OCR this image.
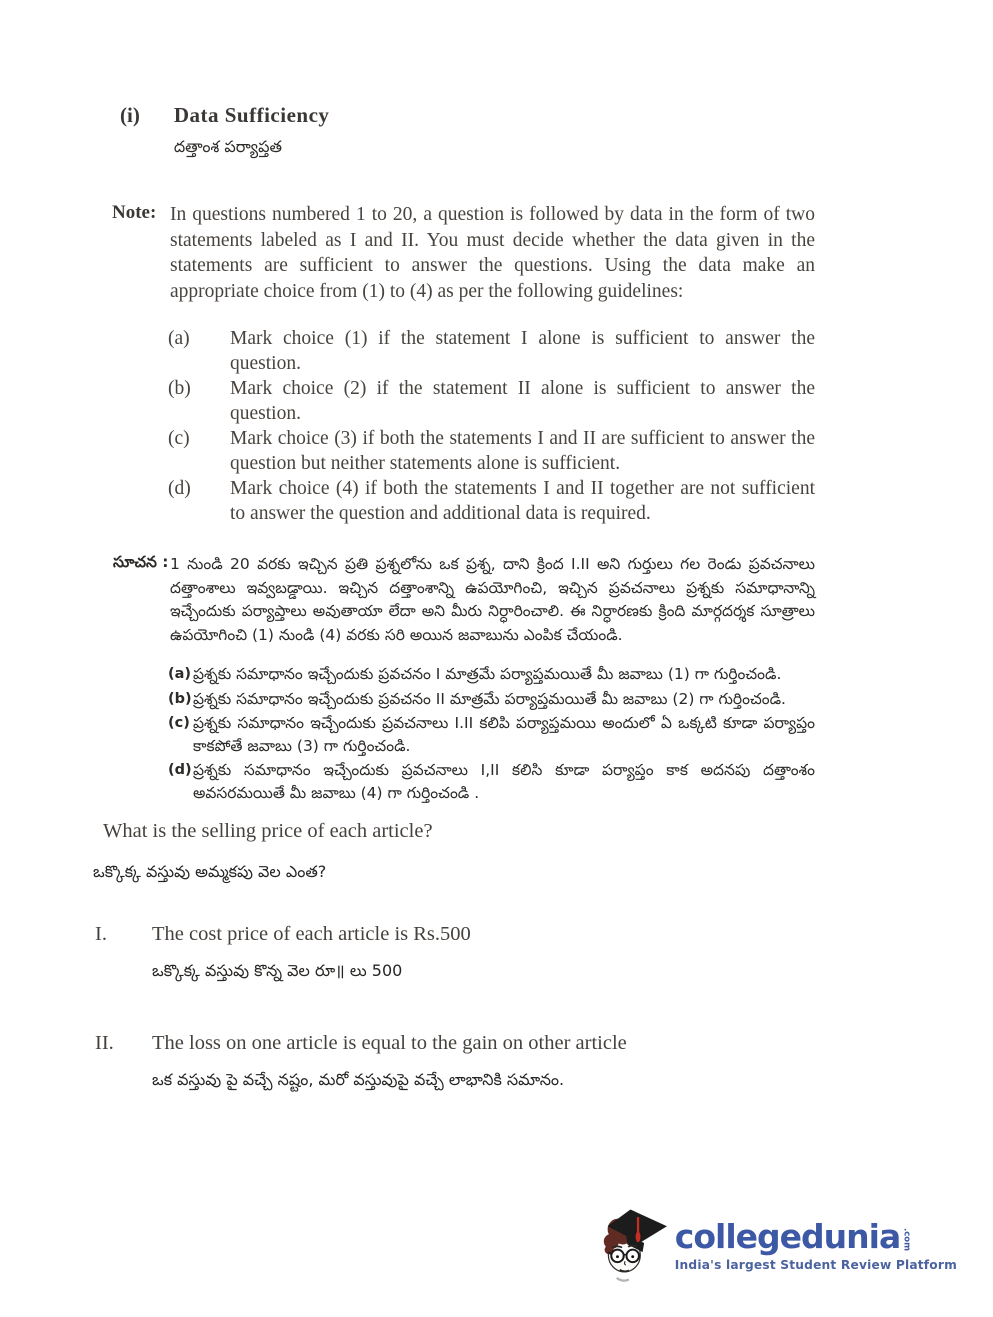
(i) Data Sufficiency
దత్తాంశ పర్యాప్తత
Note: In questions numbered 1 to 20, a question is followed by data in the form of two statements labeled as I and II. You must decide whether the data given in the statements are sufficient to answer the questions. Using the data make an appropriate choice from (1) to (4) as per the following guidelines:

(a)	Mark choice (1) if the statement I alone is sufficient to answer the question.

(b)	Mark choice (2) if the statement II alone is sufficient to answer the question.

(c)	Mark choice (3) if both the statements I and II are sufficient to answer the question but neither statements alone is sufficient.

(d)	Mark choice (4) if both the statements I and II together are not sufficient to answer the question and additional data is required.

సూచన : 1 నుండి 20 వరకు ఇచ్చిన ప్రతి ప్రశ్నలోను ఒక ప్రశ్న, దాని క్రింద I.II అని గుర్తులు గల రెండు ప్రవచనాలు దత్తాంశాలు ఇవ్వబడ్డాయి. ఇచ్చిన దత్తాంశాన్ని ఉపయోగించి, ఇచ్చిన ప్రవచనాలు ప్రశ్నకు సమాధానాన్ని ఇచ్చేందుకు పర్యాప్తాలు అవుతాయా లేదా అని మీరు నిర్ధారించాలి. ఈ నిర్ధారణకు క్రింది మార్గదర్శక సూత్రాలు ఉపయోగించి (1) నుండి (4) వరకు సరి అయిన జవాబును ఎంపిక చేయండి.

(a) ప్రశ్నకు సమాధానం ఇచ్చేందుకు ప్రవచనం I మాత్రమే పర్యాప్తమయితే మీ జవాబు (1) గా గుర్తించండి.

(b) ప్రశ్నకు సమాధానం ఇచ్చేందుకు ప్రవచనం II మాత్రమే పర్యాప్తమయితే మీ జవాబు (2) గా గుర్తించండి.

(c) ప్రశ్నకు సమాధానం ఇచ్చేందుకు ప్రవచనాలు I.II కలిపి పర్యాప్తమయి అందులో ఏ ఒక్కటి కూడా పర్యాప్తం కాకపోతే జవాబు (3) గా గుర్తించండి.

(d) ప్రశ్నకు సమాధానం ఇచ్చేందుకు ప్రవచనాలు I,II కలిసి కూడా పర్యాప్తం కాక అదనపు దత్తాంశం అవసరమయితే మీ జవాబు (4) గా గుర్తించండి .

What is the selling price of each article?
ఒక్కొక్క వస్తువు అమ్మకపు వెల ఎంత?
I.	The cost price of each article is Rs.500
ఒక్కొక్క వస్తువు కొన్న వెల రూ॥ లు 500
II.	The loss on one article is equal to the gain on other article
ఒక వస్తువు పై వచ్చే నష్టం, మరో వస్తువుపై వచ్చే లాభానికి సమానం.
collegedunia .com
India's largest Student Review Platform
